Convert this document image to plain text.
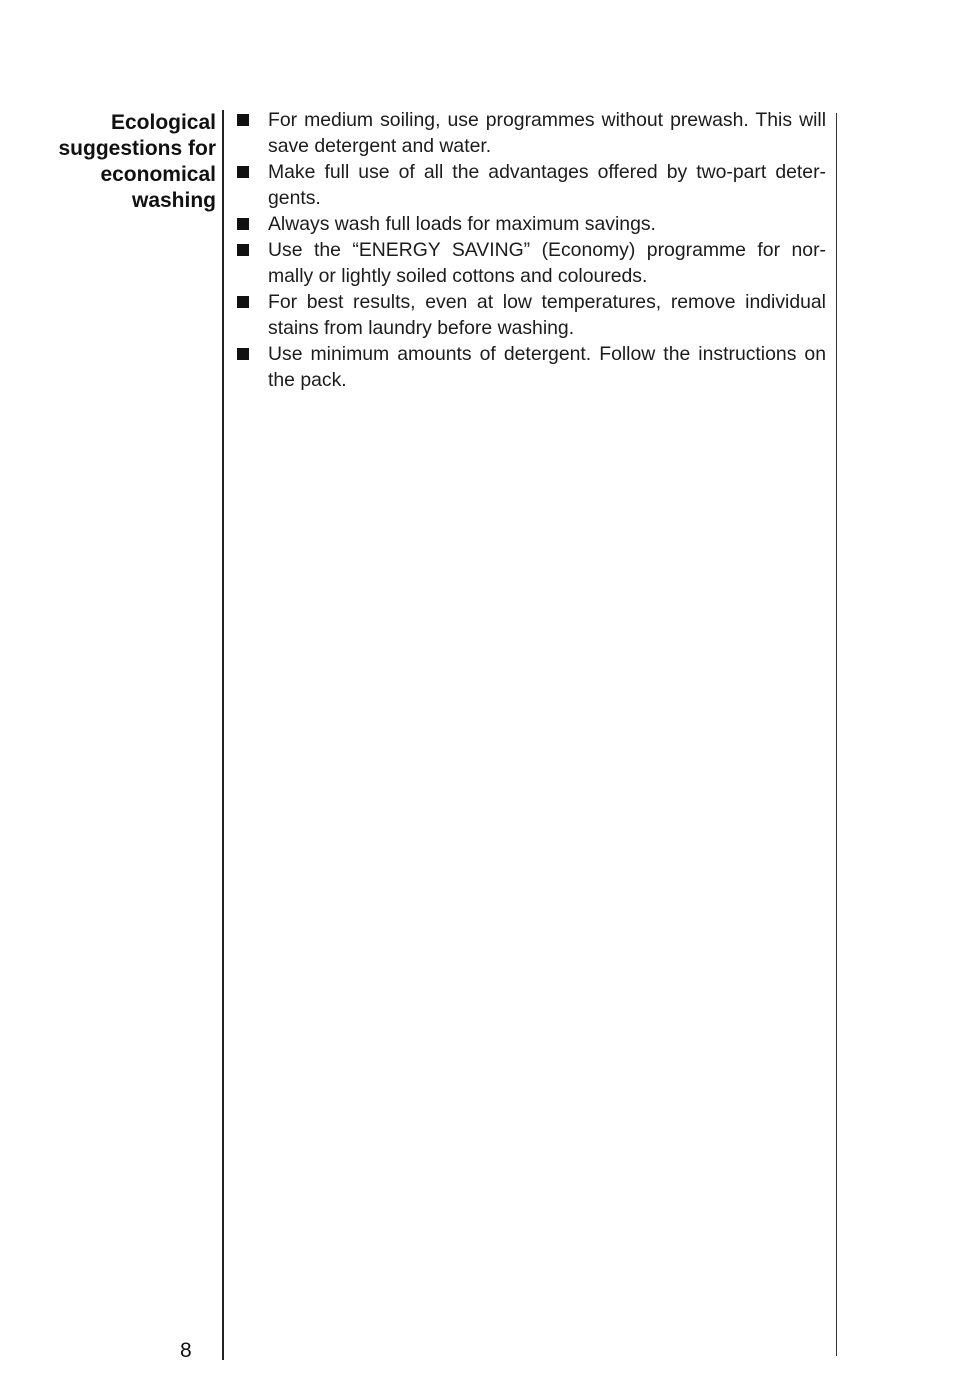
Ecological
suggestions for
economical
washing
For medium soiling, use programmes without prewash. This will save detergent and water.
Make full use of all the advantages offered by two-part deter-gents.
Always wash full loads for maximum savings.
Use the “ENERGY SAVING” (Economy) programme for nor-mally or lightly soiled cottons and coloureds.
For best results, even at low temperatures, remove individual stains from laundry before washing.
Use minimum amounts of detergent. Follow the instructions on the pack.
8
